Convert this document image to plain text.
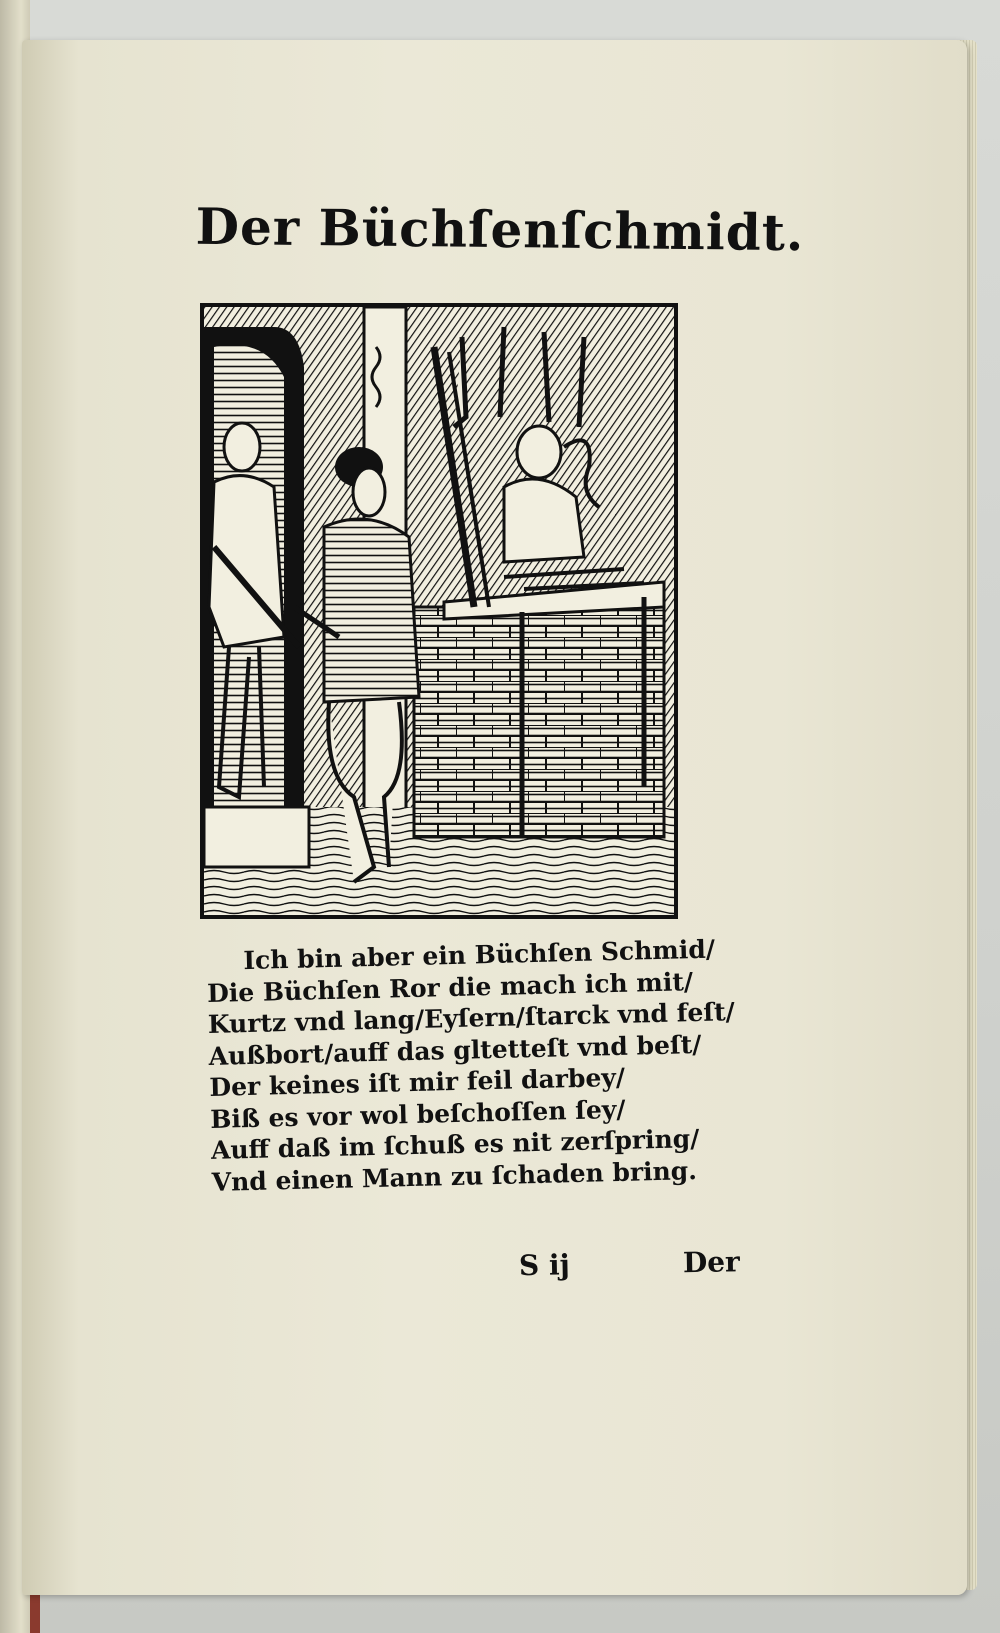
Der Büchſenſchmidt.
Ich bin aber ein Büchſen Schmid/
Die Büchſen Ror die mach ich mit/
Kurtz vnd lang/Eyſern/ſtarck vnd feſt/
Außbort/auff das gltetteſt vnd beſt/
Der keines iſt mir feil darbey/
Biß es vor wol beſchoſſen ſey/
Auff daß im ſchuß es nit zerſpring/
Vnd einen Mann zu ſchaden bring.
S ij	Der
